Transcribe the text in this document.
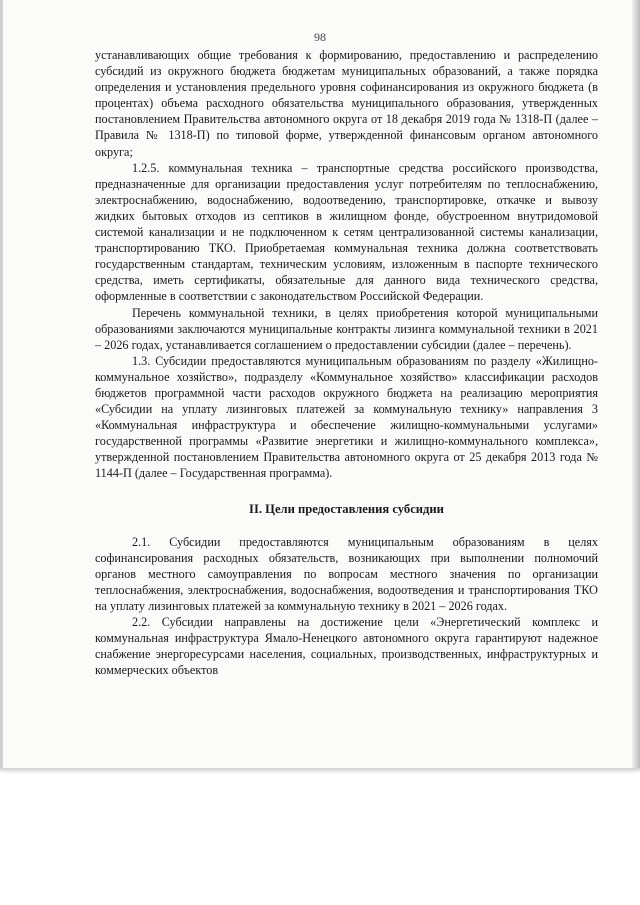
98

устанавливающих общие требования к формированию, предоставлению и распределению субсидий из окружного бюджета бюджетам муниципальных образований, а также порядка определения и установления предельного уровня софинансирования из окружного бюджета (в процентах) объема расходного обязательства муниципального образования, утвержденных постановлением Правительства автономного округа от 18 декабря 2019 года № 1318-П (далее – Правила № 1318-П) по типовой форме, утвержденной финансовым органом автономного округа;

1.2.5. коммунальная техника – транспортные средства российского производства, предназначенные для организации предоставления услуг потребителям по теплоснабжению, электроснабжению, водоснабжению, водоотведению, транспортировке, откачке и вывозу жидких бытовых отходов из септиков в жилищном фонде, обустроенном внутридомовой системой канализации и не подключенном к сетям централизованной системы канализации, транспортированию ТКО. Приобретаемая коммунальная техника должна соответствовать государственным стандартам, техническим условиям, изложенным в паспорте технического средства, иметь сертификаты, обязательные для данного вида технического средства, оформленные в соответствии с законодательством Российской Федерации.

Перечень коммунальной техники, в целях приобретения которой муниципальными образованиями заключаются муниципальные контракты лизинга коммунальной техники в 2021 – 2026 годах, устанавливается соглашением о предоставлении субсидии (далее – перечень).

1.3. Субсидии предоставляются муниципальным образованиям по разделу «Жилищно-коммунальное хозяйство», подразделу «Коммунальное хозяйство» классификации расходов бюджетов программной части расходов окружного бюджета на реализацию мероприятия «Субсидии на уплату лизинговых платежей за коммунальную технику» направления 3 «Коммунальная инфраструктура и обеспечение жилищно-коммунальными услугами» государственной программы «Развитие энергетики и жилищно-коммунального комплекса», утвержденной постановлением Правительства автономного округа от 25 декабря 2013 года № 1144-П (далее – Государственная программа).

II. Цели предоставления субсидии

2.1. Субсидии предоставляются муниципальным образованиям в целях софинансирования расходных обязательств, возникающих при выполнении полномочий органов местного самоуправления по вопросам местного значения по организации теплоснабжения, электроснабжения, водоснабжения, водоотведения и транспортирования ТКО на уплату лизинговых платежей за коммунальную технику в 2021 – 2026 годах.

2.2. Субсидии направлены на достижение цели «Энергетический комплекс и коммунальная инфраструктура Ямало-Ненецкого автономного округа гарантируют надежное снабжение энергоресурсами населения, социальных, производственных, инфраструктурных и коммерческих объектов
